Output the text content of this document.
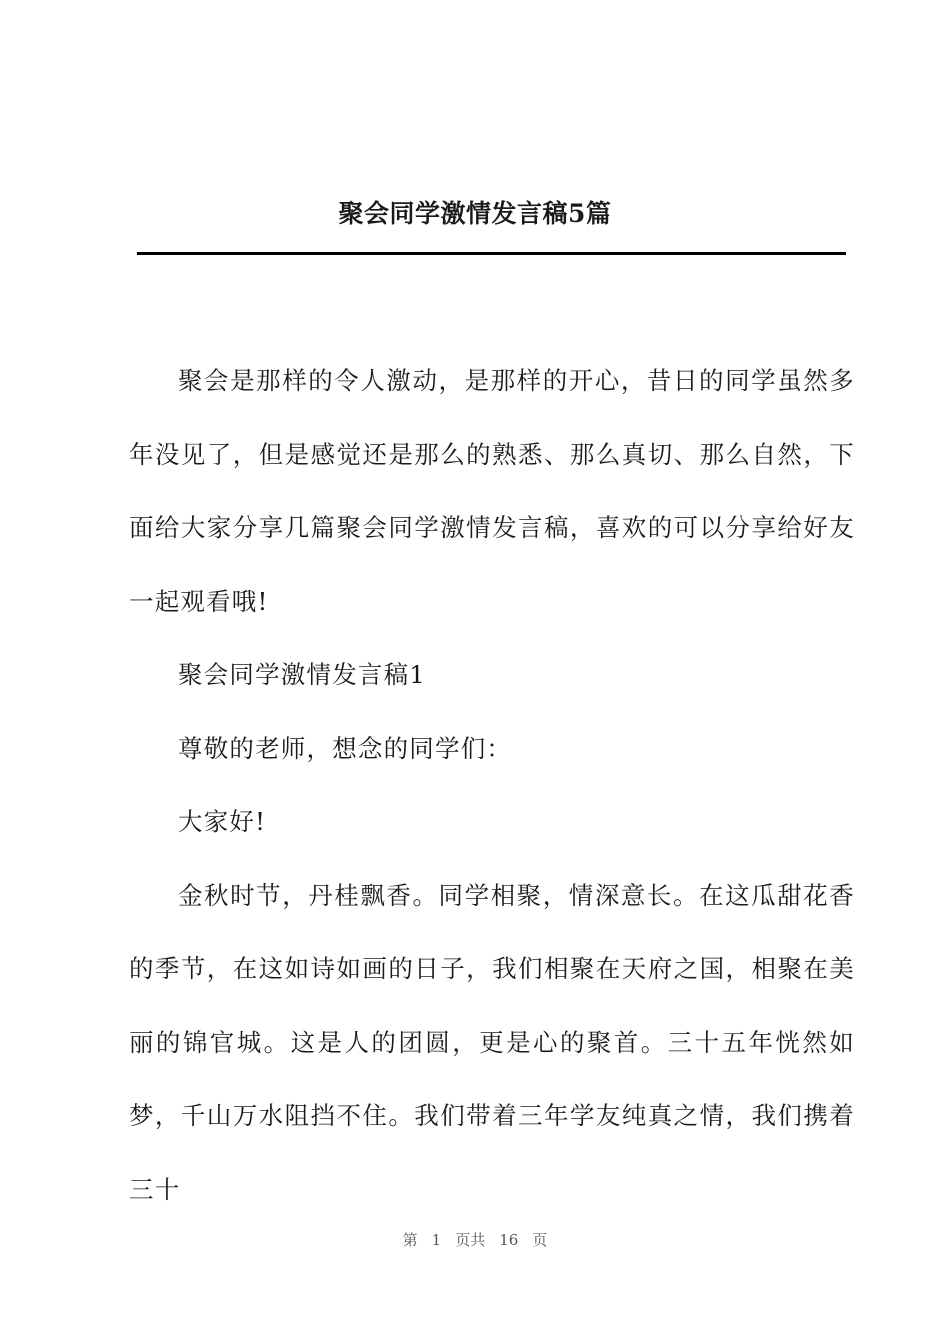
聚会同学激情发言稿5篇

聚会是那样的令人激动，是那样的开心，昔日的同学虽然多年没见了，但是感觉还是那么的熟悉、那么真切、那么自然，下面给大家分享几篇聚会同学激情发言稿，喜欢的可以分享给好友一起观看哦!

聚会同学激情发言稿1

尊敬的老师，想念的同学们：

大家好!

金秋时节，丹桂飘香。同学相聚，情深意长。在这瓜甜花香的季节，在这如诗如画的日子，我们相聚在天府之国，相聚在美丽的锦官城。这是人的团圆，更是心的聚首。三十五年恍然如梦，千山万水阻挡不住。我们带着三年学友纯真之情，我们携着三十

第 1 页共 16 页
